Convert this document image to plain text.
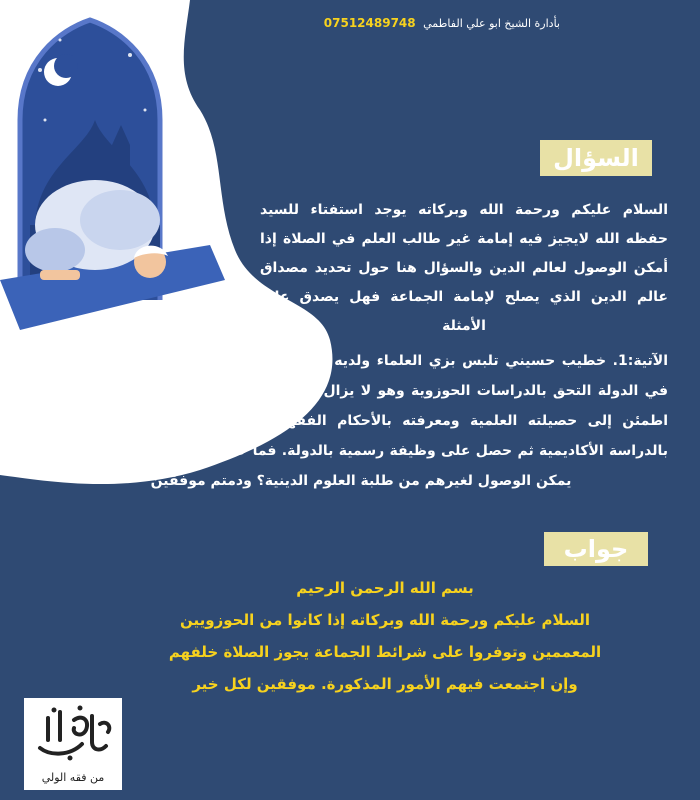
بأدارة الشيخ ابو علي الفاطمي 07512489748
السؤال
السلام عليكم ورحمة الله وبركاته يوجد استفتاء للسيد حفظه الله لايجيز فيه إمامة غير طالب العلم في الصلاة إذا أمكن الوصول لعالم الدين والسؤال هنا حول تحديد مصداق عالم الدين الذي يصلح لإمامة الجماعة فهل يصدق على الأمثلة
الآتية:1. خطيب حسيني تلبس بزي العلماء ولديه اطلاع واسع للأحكام الفقهية 2. موظف في الدولة التحق بالدراسات الحوزوية وهو لا يزال على وظيفته ولبس زي العلماء بعد أن اطمئن إلى حصيلته العلمية ومعرفته بالأحكام الفقهية 3. طالب علم حوزوي التحق بالدراسة الأكاديمية ثم حصل على وظيفة رسمية بالدولة. فما حكم الائتمام بهؤلاء في حال يمكن الوصول لغيرهم من طلبة العلوم الدينية؟ ودمتم موفقين
جواب
بسم الله الرحمن الرحيم
السلام عليكم ورحمة الله وبركاته إذا كانوا من الحوزويين
المعممين وتوفروا على شرائط الجماعة يجوز الصلاة خلفهم
وإن اجتمعت فيهم الأمور المذكورة. موفقين لكل خير
من فقه الولي
